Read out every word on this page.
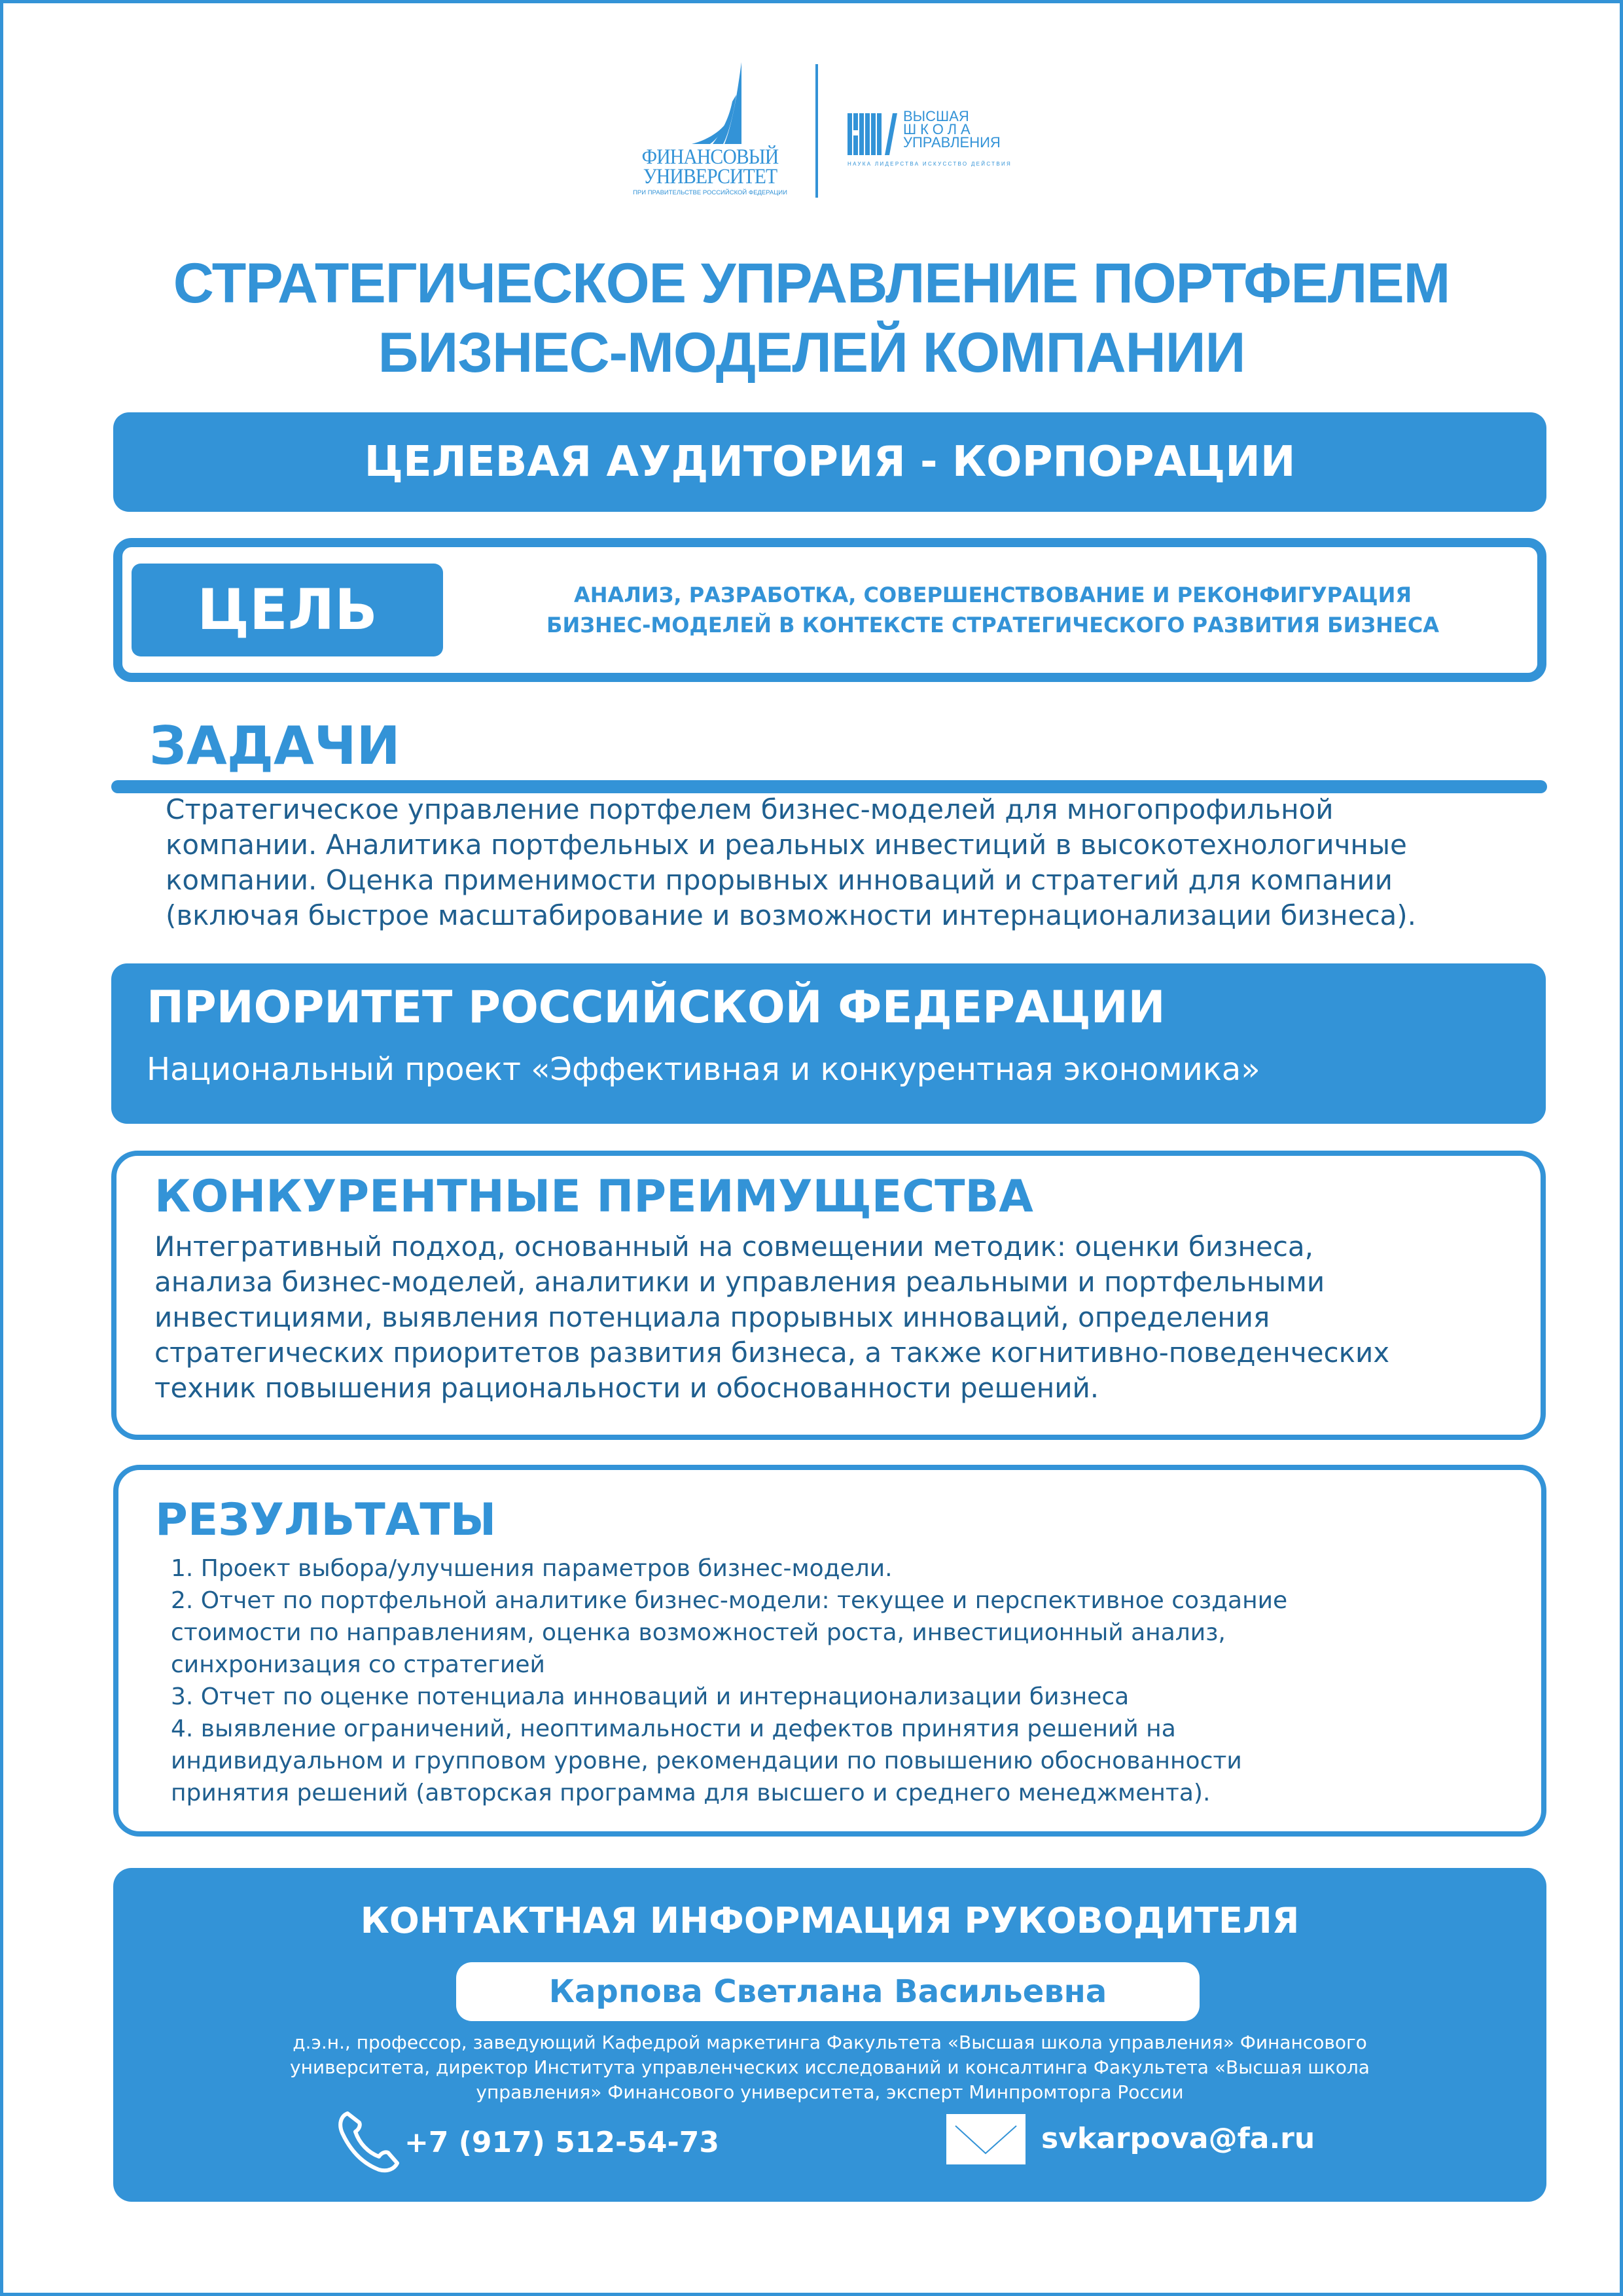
ФИНАНСОВЫЙ
УНИВЕРСИТЕТ
ПРИ ПРАВИТЕЛЬСТВЕ РОССИЙСКОЙ ФЕДЕРАЦИИ
ВЫСШАЯ
ШКОЛА
УПРАВЛЕНИЯ
НАУКА ЛИДЕРСТВА ИСКУССТВО ДЕЙСТВИЯ
СТРАТЕГИЧЕСКОЕ УПРАВЛЕНИЕ ПОРТФЕЛЕМ
БИЗНЕС-МОДЕЛЕЙ КОМПАНИИ
ЦЕЛЕВАЯ АУДИТОРИЯ - КОРПОРАЦИИ
ЦЕЛЬ	АНАЛИЗ, РАЗРАБОТКА, СОВЕРШЕНСТВОВАНИЕ И РЕКОНФИГУРАЦИЯ
БИЗНЕС-МОДЕЛЕЙ В КОНТЕКСТЕ СТРАТЕГИЧЕСКОГО РАЗВИТИЯ БИЗНЕСА
ЗАДАЧИ
Стратегическое управление портфелем бизнес-моделей для многопрофильной
компании. Аналитика портфельных и реальных инвестиций в высокотехнологичные
компании. Оценка применимости прорывных инноваций и стратегий для компании
(включая быстрое масштабирование и возможности интернационализации бизнеса).
ПРИОРИТЕТ РОССИЙСКОЙ ФЕДЕРАЦИИ
Национальный проект «Эффективная и конкурентная экономика»
КОНКУРЕНТНЫЕ ПРЕИМУЩЕСТВА
Интегративный подход, основанный на совмещении методик: оценки бизнеса,
анализа бизнес-моделей, аналитики и управления реальными и портфельными
инвестициями, выявления потенциала прорывных инноваций, определения
стратегических приоритетов развития бизнеса, а также когнитивно-поведенческих
техник повышения рациональности и обоснованности решений.
РЕЗУЛЬТАТЫ
1. Проект выбора/улучшения параметров бизнес-модели.
2. Отчет по портфельной аналитике бизнес-модели: текущее и перспективное создание
стоимости по направлениям, оценка возможностей роста, инвестиционный анализ,
синхронизация со стратегией
3. Отчет по оценке потенциала инноваций и интернационализации бизнеса
4. выявление ограничений, неоптимальности и дефектов принятия решений на
индивидуальном и групповом уровне, рекомендации по повышению обоснованности
принятия решений (авторская программа для высшего и среднего менеджмента).
КОНТАКТНАЯ ИНФОРМАЦИЯ РУКОВОДИТЕЛЯ
Карпова Светлана Васильевна
д.э.н., профессор, заведующий Кафедрой маркетинга Факультета «Высшая школа управления» Финансового
университета, директор Института управленческих исследований и консалтинга Факультета «Высшая школа
управления» Финансового университета, эксперт Минпромторга России
+7 (917) 512-54-73	svkarpova@fa.ru
